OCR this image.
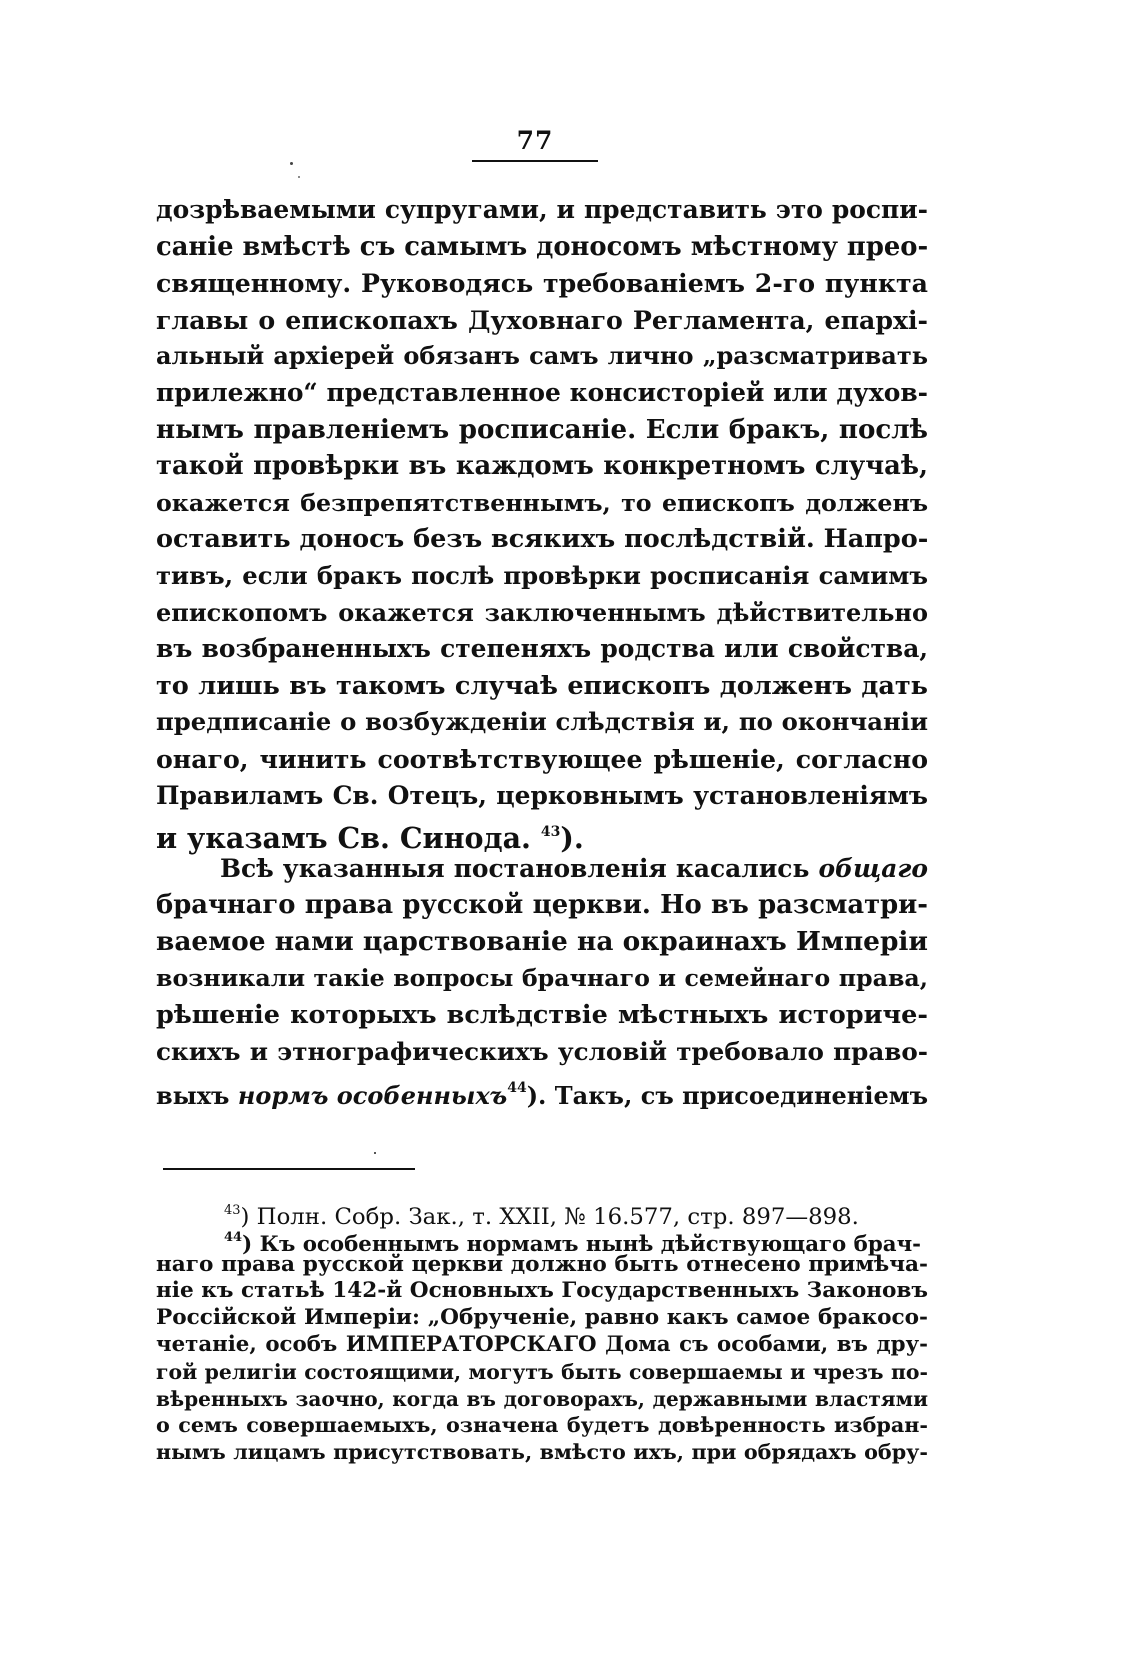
77
дозрѣваемыми супругами, и представить это роспи-
саніе вмѣстѣ съ самымъ доносомъ мѣстному прео-
священному. Руководясь требованіемъ 2-го пункта
главы о епископахъ Духовнаго Регламента, епархі-
альный архіерей обязанъ самъ лично „разсматривать
прилежно“ представленное консисторіей или духов-
нымъ правленіемъ росписаніе. Если бракъ, послѣ
такой провѣрки въ каждомъ конкретномъ случаѣ,
окажется безпрепятственнымъ, то епископъ долженъ
оставить доносъ безъ всякихъ послѣдствій. Напро-
тивъ, если бракъ послѣ провѣрки росписанія самимъ
епископомъ окажется заключеннымъ дѣйствительно
въ возбраненныхъ степеняхъ родства или свойства,
то лишь въ такомъ случаѣ епископъ долженъ дать
предписаніе о возбужденіи слѣдствія и, по окончаніи
онаго, чинить соотвѣтствующее рѣшеніе, согласно
Правиламъ Св. Отецъ, церковнымъ установленіямъ
и указамъ Св. Синода. $^{43}$).
Всѣ указанныя постановленія касались общаго
брачнаго права русской церкви. Но въ разсматри-
ваемое нами царствованіе на окраинахъ Имперіи
возникали такіе вопросы брачнаго и семейнаго права,
рѣшеніе которыхъ вслѣдствіе мѣстныхъ историче-
скихъ и этнографическихъ условій требовало право-
выхъ нормъ особенныхъ$^{44}$). Такъ, съ присоединеніемъ
$^{43}$) Полн. Собр. Зак., т. XXII, № 16.577, стр. 897—898.
$^{44}$) Къ особеннымъ нормамъ нынѣ дѣйствующаго брач-
наго права русской церкви должно быть отнесено примѣча-
ніе къ статьѣ 142-й Основныхъ Государственныхъ Законовъ
Россійской Имперіи: „Обрученіе, равно какъ самое бракосо-
четаніе, особъ ИМПЕРАТОРСКАГО Дома съ особами, въ дру-
гой религіи состоящими, могутъ быть совершаемы и чрезъ по-
вѣренныхъ заочно, когда въ договорахъ, державными властями
о семъ совершаемыхъ, означена будетъ довѣренность избран-
нымъ лицамъ присутствовать, вмѣсто ихъ, при обрядахъ обру-
